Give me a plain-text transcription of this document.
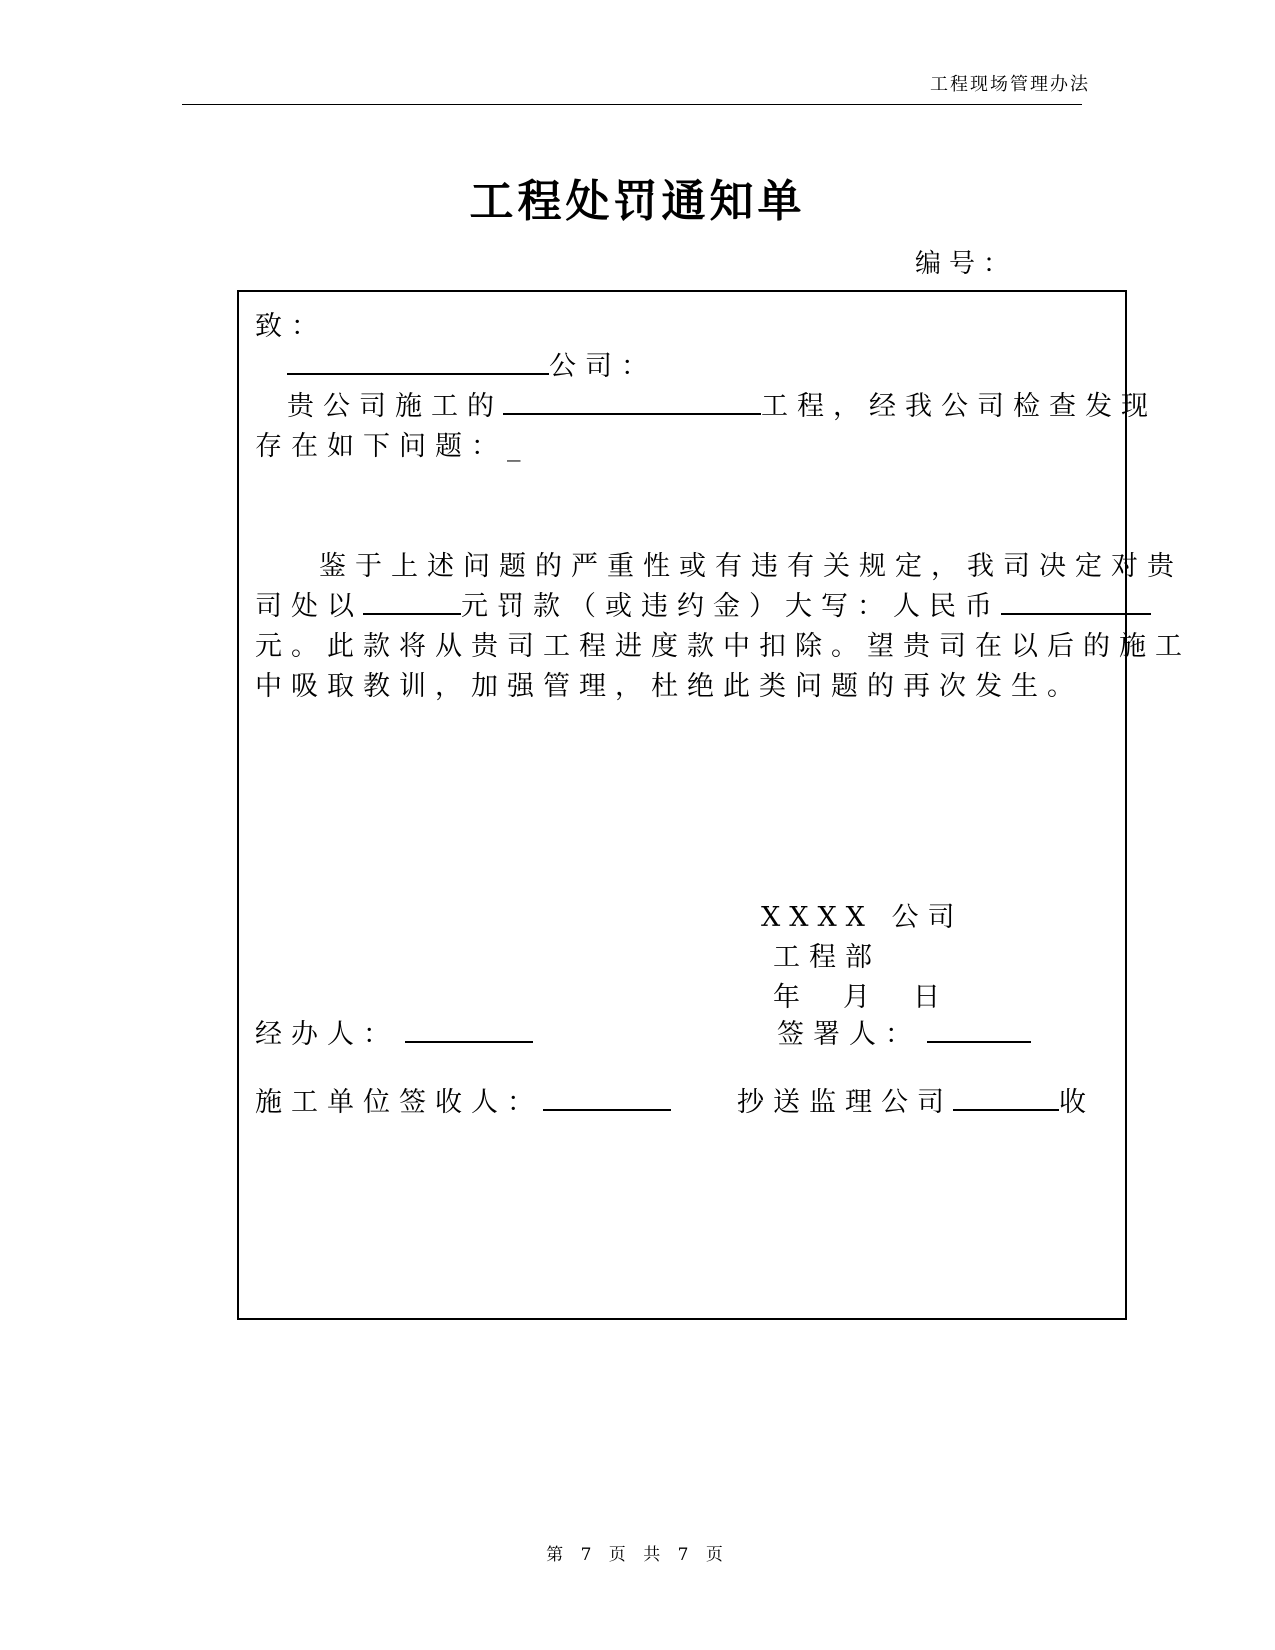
工程现场管理办法
工程处罚通知单
编号：
致：
公司：
贵公司施工的	工程，经我公司检查发现
存在如下问题：_
鉴于上述问题的严重性或有违有关规定，我司决定对贵
司处以	元罚款（或违约金）大写：人民币
元。此款将从贵司工程进度款中扣除。望贵司在以后的施工
中吸取教训，加强管理，杜绝此类问题的再次发生。
XXXX 公司
工程部
年 月 日
经办人：	签署人：
施工单位签收人：	抄送监理公司	收
第 7 页 共 7 页
